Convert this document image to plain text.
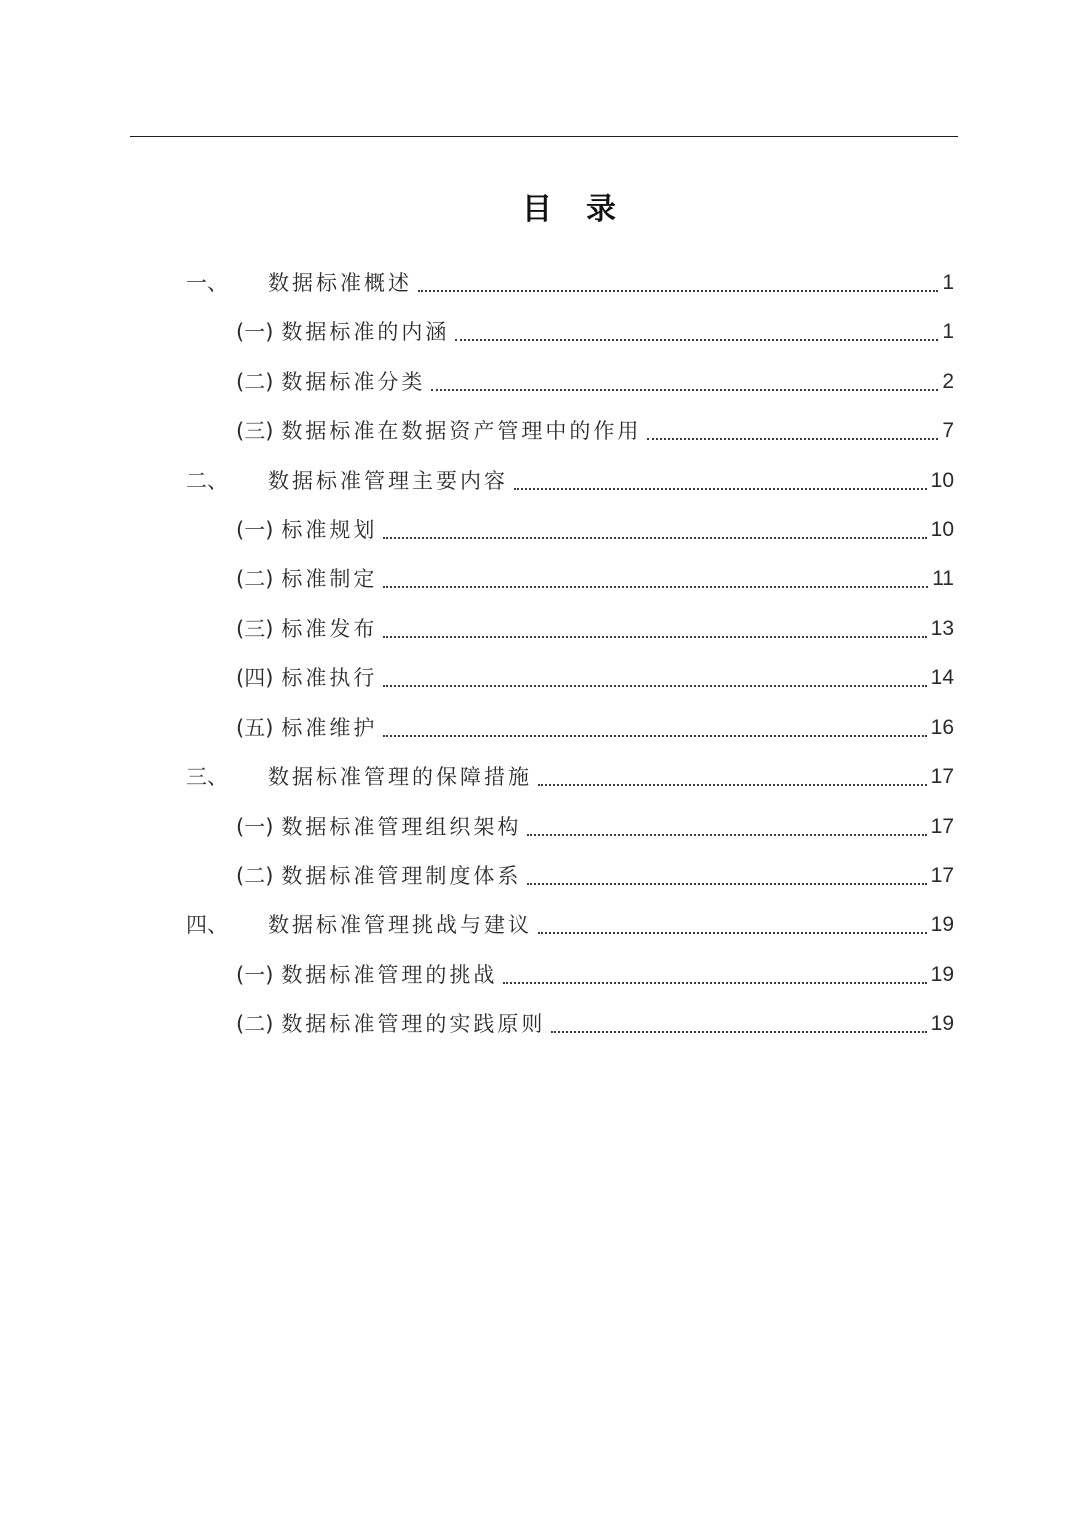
目　录
一、	数据标准概述	1
(一) 数据标准的内涵	1
(二) 数据标准分类	2
(三) 数据标准在数据资产管理中的作用	7
二、	数据标准管理主要内容	10
(一) 标准规划	10
(二) 标准制定	11
(三) 标准发布	13
(四) 标准执行	14
(五) 标准维护	16
三、	数据标准管理的保障措施	17
(一) 数据标准管理组织架构	17
(二) 数据标准管理制度体系	17
四、	数据标准管理挑战与建议	19
(一) 数据标准管理的挑战	19
(二) 数据标准管理的实践原则	19
